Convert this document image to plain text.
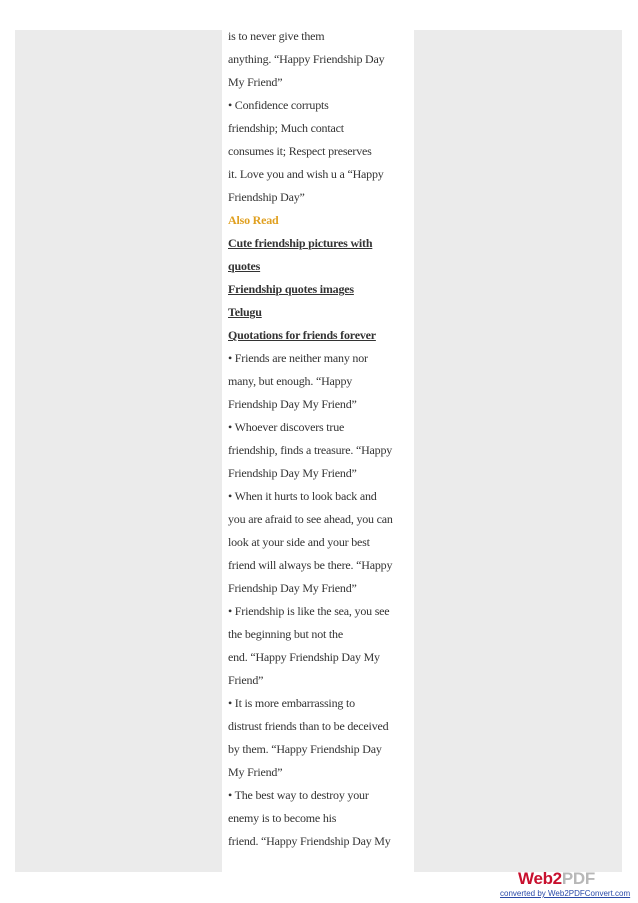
is to never give them
anything. “Happy Friendship Day
My Friend”
• Confidence corrupts
friendship; Much contact
consumes it; Respect preserves
it. Love you and wish u a “Happy
Friendship Day”
Also Read
Cute friendship pictures with
quotes
Friendship quotes images
Telugu
Quotations for friends forever
• Friends are neither many nor
many, but enough. “Happy
Friendship Day My Friend”
• Whoever discovers true
friendship, finds a treasure. “Happy
Friendship Day My Friend”
• When it hurts to look back and
you are afraid to see ahead, you can
look at your side and your best
friend will always be there. “Happy
Friendship Day My Friend”
• Friendship is like the sea, you see
the beginning but not the
end. “Happy Friendship Day My
Friend”
• It is more embarrassing to
distrust friends than to be deceived
by them. “Happy Friendship Day
My Friend”
• The best way to destroy your
enemy is to become his
friend. “Happy Friendship Day My
Web2PDF
converted by Web2PDFConvert.com
